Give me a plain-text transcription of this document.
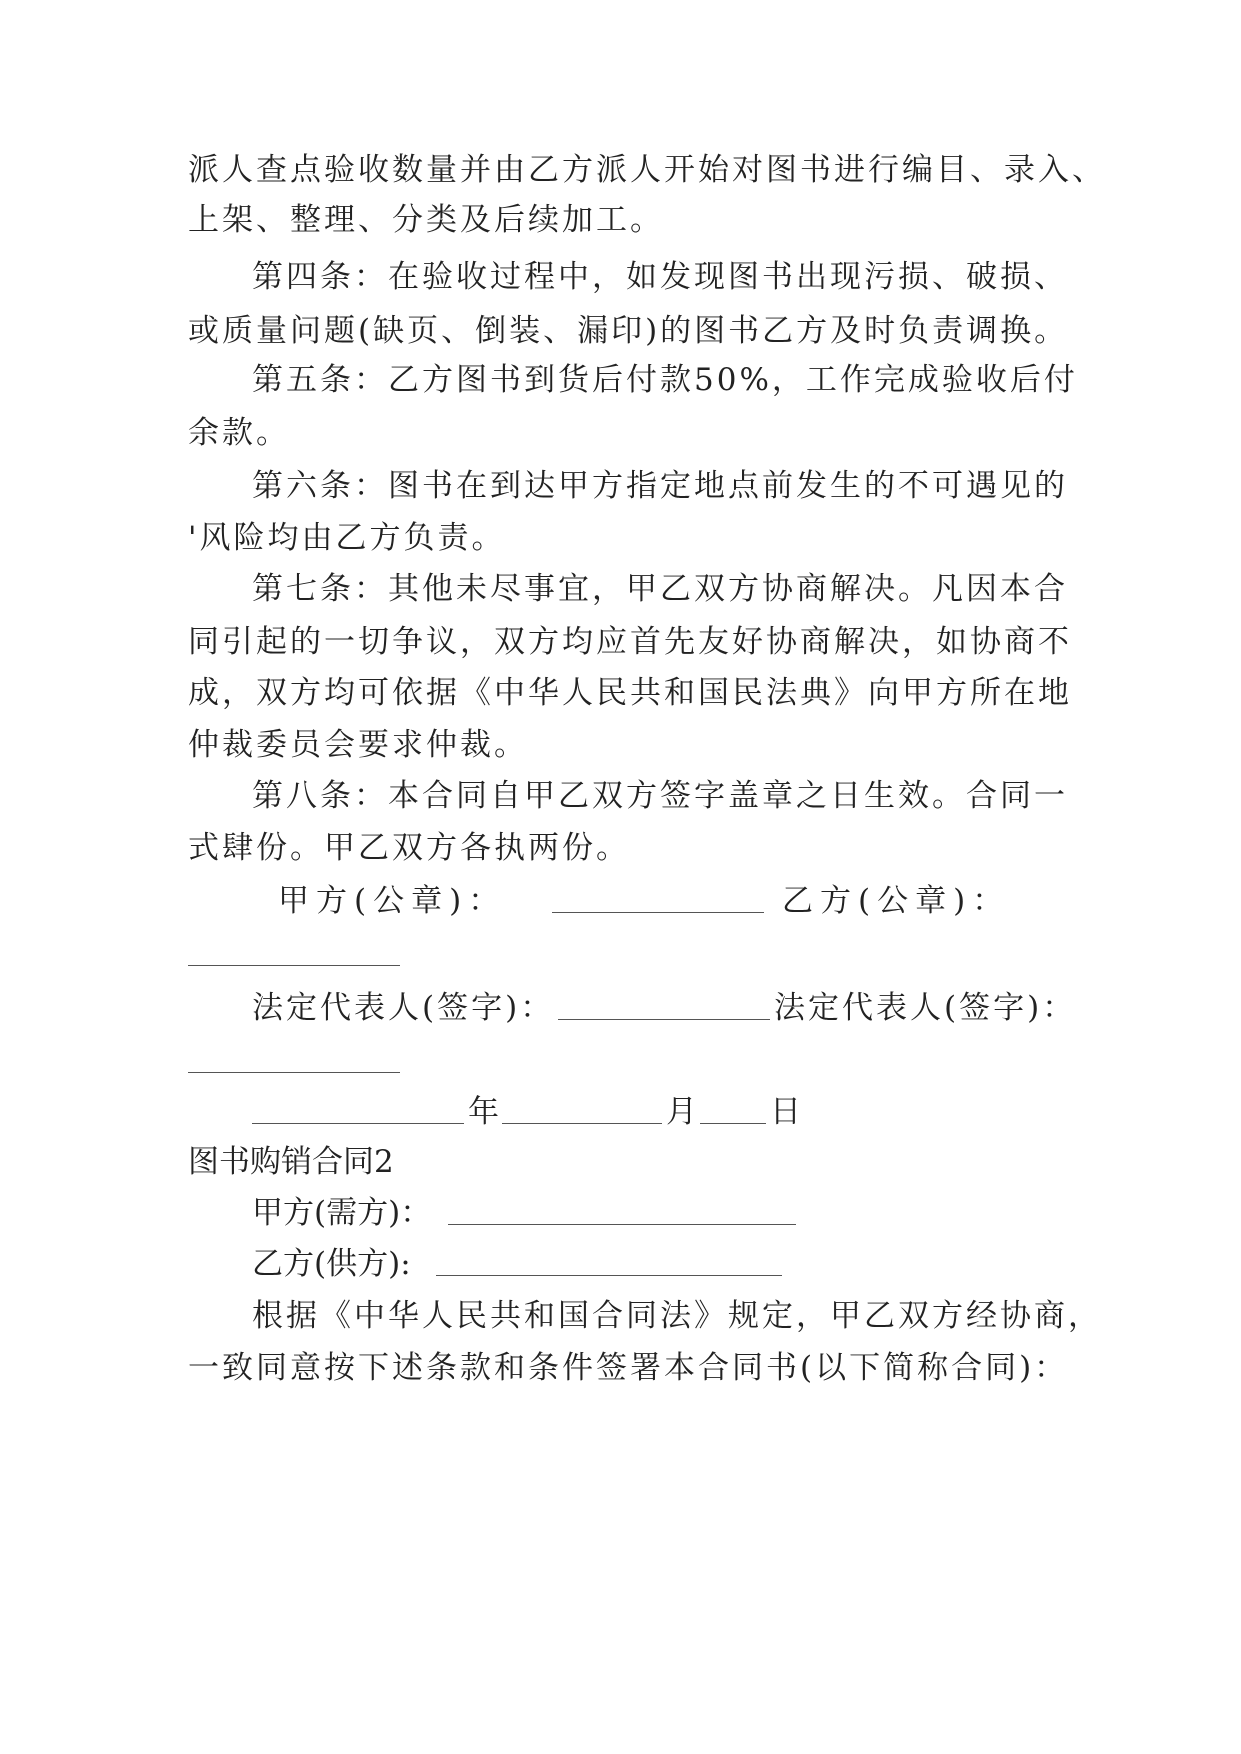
派人查点验收数量并由乙方派人开始对图书进行编目、录入、
上架、整理、分类及后续加工。
第四条：在验收过程中，如发现图书出现污损、破损、
或质量问题(缺页、倒装、漏印)的图书乙方及时负责调换。
第五条：乙方图书到货后付款50%，工作完成验收后付
余款。
第六条：图书在到达甲方指定地点前发生的不可遇见的
'风险均由乙方负责。
第七条：其他未尽事宜，甲乙双方协商解决。凡因本合
同引起的一切争议，双方均应首先友好协商解决，如协商不
成，双方均可依据《中华人民共和国民法典》向甲方所在地
仲裁委员会要求仲裁。
第八条：本合同自甲乙双方签字盖章之日生效。合同一
式肆份。甲乙双方各执两份。
甲方(公章)：	乙方(公章)：
法定代表人(签字)：	法定代表人(签字)：
年	月 日
图书购销合同2
甲方(需方)：
乙方(供方):
根据《中华人民共和国合同法》规定，甲乙双方经协商，
一致同意按下述条款和条件签署本合同书(以下简称合同)：
